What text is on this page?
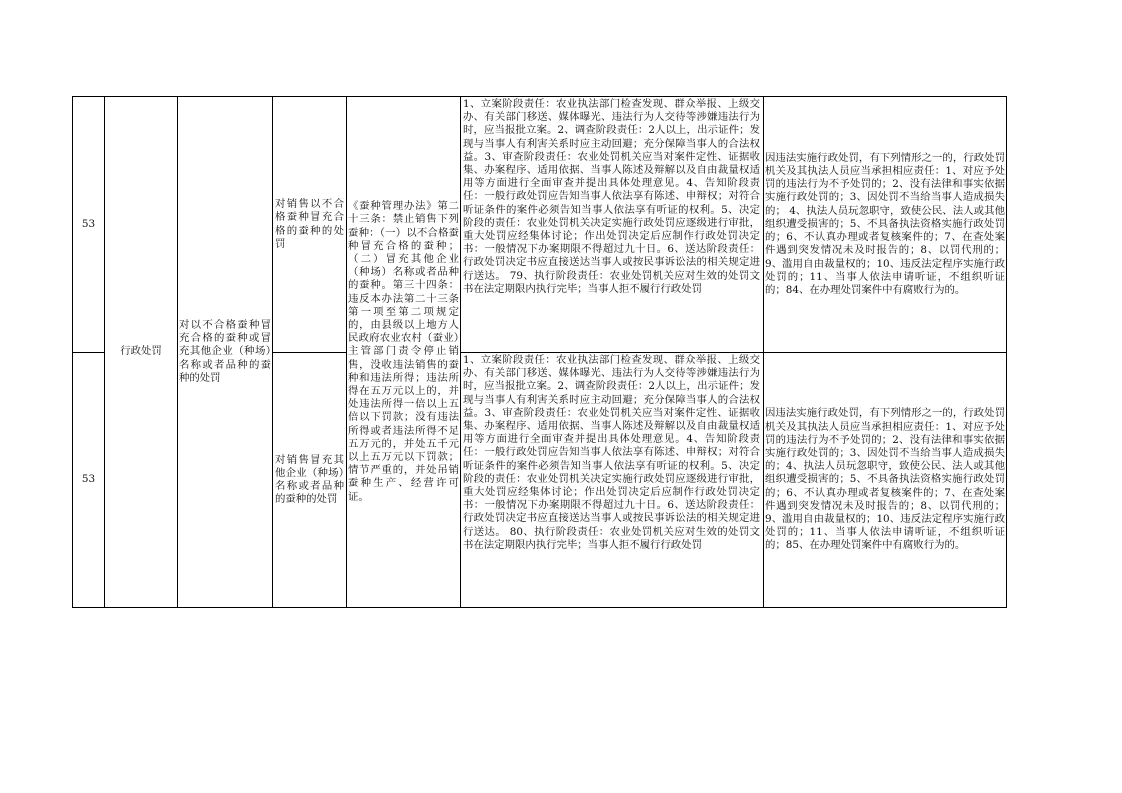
53
对销售以不合格蚕种冒充合格的蚕种的处罚
1、立案阶段责任：农业执法部门检查发现、群众举报、上级交办、有关部门移送、媒体曝光、违法行为人交待等涉嫌违法行为时，应当报批立案。2、调查阶段责任：2人以上，出示证件；发现与当事人有利害关系时应主动回避；充分保障当事人的合法权益。3、审查阶段责任：农业处罚机关应当对案件定性、证据收集、办案程序、适用依据、当事人陈述及辩解以及自由裁量权适用等方面进行全面审查并提出具体处理意见。4、告知阶段责任：一般行政处罚应告知当事人依法享有陈述、申辩权；对符合听证条件的案件必须告知当事人依法享有听证的权利。5、决定阶段的责任：农业处罚机关决定实施行政处罚应逐级进行审批，重大处罚应经集体讨论；作出处罚决定后应制作行政处罚决定书：一般情况下办案期限不得超过九十日。6、送达阶段责任：行政处罚决定书应直接送达当事人或按民事诉讼法的相关规定进行送达。 79、执行阶段责任：农业处罚机关应对生效的处罚文书在法定期限内执行完毕；当事人拒不履行行政处罚
因违法实施行政处罚，有下列情形之一的，行政处罚机关及其执法人员应当承担相应责任：1、对应予处罚的违法行为不予处罚的；2、没有法律和事实依据实施行政处罚的；3、因处罚不当给当事人造成损失的； 4、执法人员玩忽职守，致使公民、法人或其他组织遭受损害的；5、不具备执法资格实施行政处罚的；6、不认真办理或者复核案件的；7、在查处案件遇到突发情况未及时报告的；8、以罚代刑的；9、滥用自由裁量权的；10、违反法定程序实施行政处罚的；11、当事人依法申请听证，不组织听证的；84、在办理处罚案件中有腐败行为的。
行政处罚
对以不合格蚕种冒充合格的蚕种或冒充其他企业（种场）名称或者品种的蚕种的处罚
《蚕种管理办法》第二十三条：禁止销售下列蚕种：（一）以不合格蚕种冒充合格的蚕种；（二）冒充其他企业（种场）名称或者品种的蚕种。第三十四条：违反本办法第二十三条第一项至第二项规定的，由县级以上地方人民政府农业农村（蚕业）主管部门责令停止销售，没收违法销售的蚕种和违法所得；违法所得在五万元以上的，并处违法所得一倍以上五倍以下罚款；没有违法所得或者违法所得不足五万元的，并处五千元以上五万元以下罚款；情节严重的，并处吊销蚕种生产、经营许可证。
53
对销售冒充其他企业（种场）名称或者品种的蚕种的处罚
1、立案阶段责任：农业执法部门检查发现、群众举报、上级交办、有关部门移送、媒体曝光、违法行为人交待等涉嫌违法行为时，应当报批立案。2、调查阶段责任：2人以上，出示证件；发现与当事人有利害关系时应主动回避；充分保障当事人的合法权益。3、审查阶段责任：农业处罚机关应当对案件定性、证据收集、办案程序、适用依据、当事人陈述及辩解以及自由裁量权适用等方面进行全面审查并提出具体处理意见。4、告知阶段责任：一般行政处罚应告知当事人依法享有陈述、申辩权；对符合听证条件的案件必须告知当事人依法享有听证的权利。5、决定阶段的责任：农业处罚机关决定实施行政处罚应逐级进行审批，重大处罚应经集体讨论；作出处罚决定后应制作行政处罚决定书：一般情况下办案期限不得超过九十日。6、送达阶段责任：行政处罚决定书应直接送达当事人或按民事诉讼法的相关规定进行送达。 80、执行阶段责任：农业处罚机关应对生效的处罚文书在法定期限内执行完毕；当事人拒不履行行政处罚
因违法实施行政处罚，有下列情形之一的，行政处罚机关及其执法人员应当承担相应责任：1、对应予处罚的违法行为不予处罚的；2、没有法律和事实依据实施行政处罚的；3、因处罚不当给当事人造成损失的；4、执法人员玩忽职守，致使公民、法人或其他组织遭受损害的；5、不具备执法资格实施行政处罚的；6、不认真办理或者复核案件的；7、在查处案件遇到突发情况未及时报告的；8、以罚代刑的；9、滥用自由裁量权的；10、违反法定程序实施行政处罚的；11、当事人依法申请听证，不组织听证的；85、在办理处罚案件中有腐败行为的。
